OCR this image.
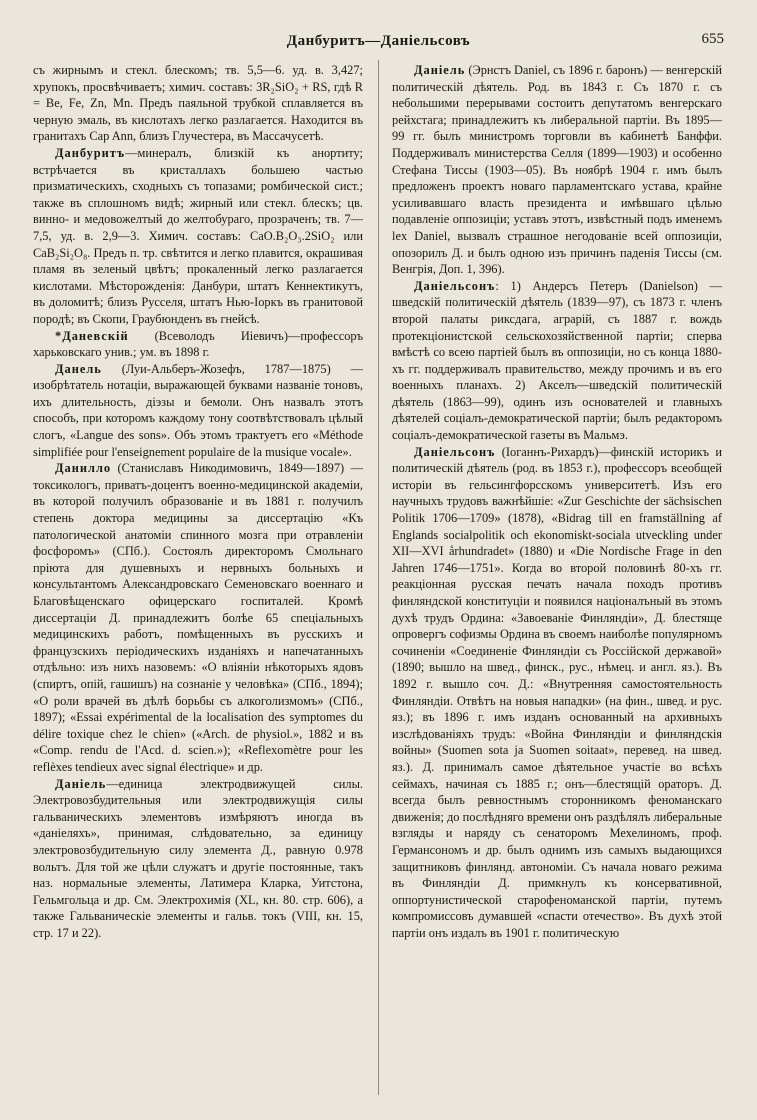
Данбуритъ—Даніельсовъ	655

съ жирнымъ и стекл. блескомъ; тв. 5,5—6. уд. в. 3,427; хрупокъ, просвѣчиваетъ; химич. составъ: 3R₂SiO₂ + RS, гдѣ R = Be, Fe, Zn, Mn. Предъ паяльной трубкой сплавляется въ черную эмаль, въ кислотахъ легко разлагается. Находится въ гранитахъ Cap Ann, близъ Глучестера, въ Массачусетѣ.

Данбуритъ—минералъ, близкій къ анортиту; встрѣчается въ кристаллахъ большею частью призматическихъ, сходныхъ съ топазами; ромбической сист.; также въ сплошномъ видѣ; жирный или стекл. блескъ; цв. винно- и медовожелтый до желтобураго, прозраченъ; тв. 7—7,5, уд. в. 2,9—3. Химич. составъ: CaO.B₂O₃.2SiO₂ или CaB₂Si₂O₈. Предъ п. тр. свѣтится и легко плавится, окрашивая пламя въ зеленый цвѣтъ; прокаленный легко разлагается кислотами. Мѣсторожденія: Данбури, штатъ Кеннектикутъ, въ доломитѣ; близъ Русселя, штатъ Нью-Іоркъ въ гранитовой породѣ; въ Скопи, Граубюнденъ въ гнейсѣ.

*Даневскій (Всеволодъ Иіевичъ)—профессоръ харьковскаго унив.; ум. въ 1898 г.

Данель (Луи-Альберъ-Жозефъ, 1787—1875) — изобрѣтатель нотацiи, выражающей буквами названіе тоновъ, ихъ длительность, діэзы и бемоли. Онъ назвалъ этотъ способъ, при которомъ каждому тону соотвѣтствовалъ цѣлый слогъ, «Langue des sons». Объ этомъ трактуетъ его «Méthode simplifiée pour l'enseignement populaire de la musique vocale».

Данилло (Станиславъ Никодимовичъ, 1849—1897) — токсикологъ, приватъ-доцентъ военно-медицинской академіи, въ которой получилъ образованіе и въ 1881 г. получилъ степень доктора медицины за диссертацію «Къ патологической анатоміи спинного мозга при отравленіи фосфоромъ» (СПб.). Состоялъ директоромъ Смольнаго пріюта для душевныхъ и нервныхъ больныхъ и консультантомъ Александровскаго Семеновскаго военнаго и Благовѣщенскаго офицерскаго госпиталей. Кромѣ диссертаціи Д. принадлежитъ болѣе 65 спеціальныхъ медицинскихъ работъ, помѣщенныхъ въ русскихъ и французскихъ періодическихъ изданіяхъ и напечатанныхъ отдѣльно: изъ нихъ назовемъ: «О вліяніи нѣкоторыхъ ядовъ (спиртъ, опій, гашишъ) на сознаніе у человѣка» (СПб., 1894); «О роли врачей въ дѣлѣ борьбы съ алкоголизмомъ» (СПб., 1897); «Essai expérimental de la localisation des symptomes du délire toxique chez le chien» («Arch. de physiol.», 1882 и въ «Comp. rendu de l'Acd. d. scien.»); «Reflexomètre pour les reflèxes tendieux avec signal électrique» и др.

Даніель—единица электродвижущей силы. Электровозбудительныя или электродвижущія силы гальваническихъ элементовъ измѣряютъ иногда въ «даніеляхъ», принимая, слѣдовательно, за единицу электровозбудительную силу элемента Д., равную 0.978 вольтъ. Для той же цѣли служатъ и другіе постоянные, такъ наз. нормальные элементы, Латимера Кларка, Уитстона, Гельмгольца и др. См. Электрохимія (XL, кн. 80. стр. 606), а также Гальваническіе элементы и гальв. токъ (VIII, кн. 15, стр. 17 и 22).

Даніель (Эрнстъ Daniel, съ 1896 г. баронъ) — венгерскій политическій дѣятель. Род. въ 1843 г. Съ 1870 г. съ небольшими перерывами состоитъ депутатомъ венгерскаго рейхстага; принадлежитъ къ либеральной партіи. Въ 1895—99 гг. былъ министромъ торговли въ кабинетѣ Банффи. Поддерживалъ министерства Селля (1899—1903) и особенно Стефана Тиссы (1903—05). Въ ноябрѣ 1904 г. имъ былъ предложенъ проектъ новаго парламентскаго устава, крайне усиливавшаго власть президента и имѣвшаго цѣлью подавленіе оппозиціи; уставъ этотъ, извѣстный подъ именемъ lex Daniel, вызвалъ страшное негодованіе всей оппозиціи, опозорилъ Д. и былъ одною изъ причинъ паденія Тиссы (см. Венгрія, Доп. 1, 396).

Даніельсонъ: 1) Андерсъ Петеръ (Danielson) — шведскій политическій дѣятель (1839—97), съ 1873 г. членъ второй палаты риксдага, аграрій, съ 1887 г. вождь протекціонистской сельскохозяйственной партіи; сперва вмѣстѣ со всею партіей былъ въ оппозиціи, но съ конца 1880-хъ гг. поддерживалъ правительство, между прочимъ и въ его военныхъ планахъ. 2) Акселъ—шведскій политическій дѣятель (1863—99), одинъ изъ основателей и главныхъ дѣятелей соціалъ-демократической партіи; былъ редакторомъ соціалъ-демократической газеты въ Мальмэ.

Даніельсонъ (Іоганнъ-Рихардъ)—финскій историкъ и политическій дѣятель (род. въ 1853 г.), профессоръ всеобщей исторіи въ гельсингфорсскомъ университетѣ. Изъ его научныхъ трудовъ важнѣйшіе: «Zur Geschichte der sächsischen Politik 1706—1709» (1878), «Bidrag till en framställning af Englands socialpolitik och ekonomiskt-sociala utveckling under XII—XVI århundradet» (1880) и «Die Nordische Frage in den Jahren 1746—1751». Когда во второй половинѣ 80-хъ гг. реакціонная русская печать начала походъ противъ финляндской конституціи и появился націоналъный въ этомъ духѣ трудъ Ордина: «Завоеваніе Финляндіи», Д. блестяще опровергъ софизмы Ордина въ своемъ наиболѣе популярномъ сочиненіи «Соединеніе Финляндіи съ Россійской державой» (1890; вышло на швед., финск., рус., нѣмец. и англ. яз.). Въ 1892 г. вышло соч. Д.: «Внутренняя самостоятельность Финляндіи. Отвѣтъ на новыя нападки» (на фин., швед. и рус. яз.); въ 1896 г. имъ изданъ основанный на архивныхъ изслѣдованіяхъ трудъ: «Война Финляндіи и финляндскія войны» (Suomen sota ja Suomen soitaat», перевед. на швед. яз.). Д. принималъ самое дѣятельное участіе во всѣхъ сеймахъ, начиная съ 1885 г.; онъ—блестящій ораторъ. Д. всегда былъ ревностнымъ сторонникомъ феноманскаго движенія; до послѣдняго времени онъ раздѣлялъ либеральные взгляды и наряду съ сенаторомъ Мехелиномъ, проф. Германсономъ и др. былъ однимъ изъ самыхъ выдающихся защитниковъ финлянд. автономіи. Съ начала новаго режима въ Финляндіи Д. примкнулъ къ консервативной, оппортунистической старофеноманской партіи, путемъ компромиссовъ думавшей «спасти отечество». Въ духѣ этой партіи онъ издалъ въ 1901 г. политическую
